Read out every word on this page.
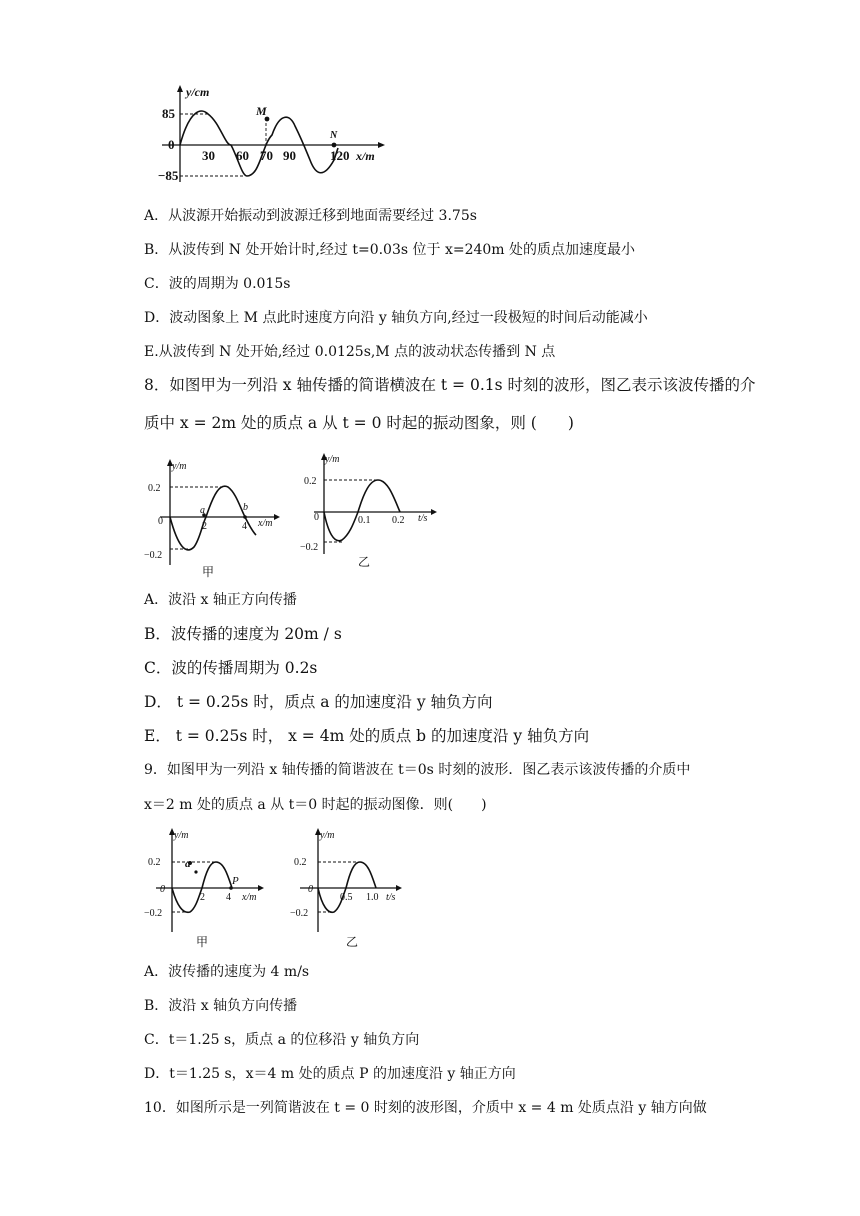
y/cm
85
−85
0
30 60 70 90	120 x/m
M
N
A．从波源开始振动到波源迁移到地面需要经过 3.75s
B．从波传到 N 处开始计时,经过 t=0.03s 位于 x=240m 处的质点加速度最小
C．波的周期为 0.015s
D．波动图象上 M 点此时速度方向沿 y 轴负方向,经过一段极短的时间后动能减小
E.从波传到 N 处开始,经过 0.0125s,M 点的波动状态传播到 N 点
8．如图甲为一列沿 x 轴传播的简谐横波在 t = 0.1s 时刻的波形，图乙表示该波传播的介
质中 x = 2m 处的质点 a 从 t = 0 时起的振动图象，则 (　　)
y/m
0.2
−0.2
0	2	4
a	b
x/m
甲
y/m
0.2
−0.2
0	0.1 0.2 t/s
乙
A．波沿 x 轴正方向传播
B．波传播的速度为 20m / s
C．波的传播周期为 0.2s
D． t = 0.25s 时，质点 a 的加速度沿 y 轴负方向
E． t = 0.25s 时， x = 4m 处的质点 b 的加速度沿 y 轴负方向
9．如图甲为一列沿 x 轴传播的简谐波在 t＝0s 时刻的波形．图乙表示该波传播的介质中
x＝2 m 处的质点 a 从 t＝0 时起的振动图像．则(　　)
y/m
0.2
−0.2
0
2 4
a
P
x/m
甲
y/m
0.2
−0.2
0
0.5 1.0 t/s
乙
A．波传播的速度为 4 m/s
B．波沿 x 轴负方向传播
C．t＝1.25 s，质点 a 的位移沿 y 轴负方向
D．t＝1.25 s，x＝4 m 处的质点 P 的加速度沿 y 轴正方向
10．如图所示是一列简谐波在 t = 0 时刻的波形图，介质中 x = 4 m 处质点沿 y 轴方向做
